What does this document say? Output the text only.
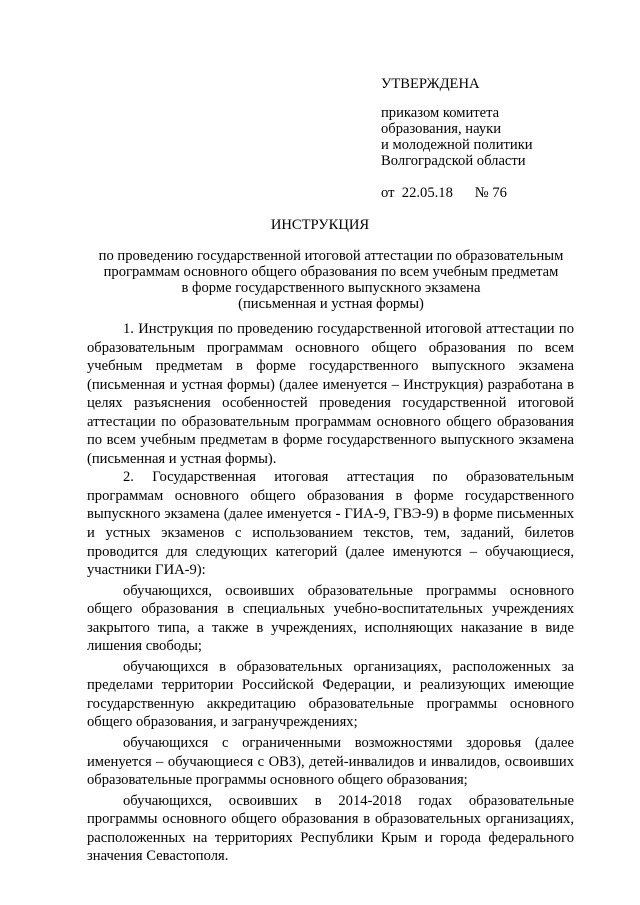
УТВЕРЖДЕНА
приказом комитета
образования, науки
и молодежной политики
Волгоградской области
от 22.05.18 № 76
ИНСТРУКЦИЯ
по проведению государственной итоговой аттестации по образовательным
программам основного общего образования по всем учебным предметам
в форме государственного выпускного экзамена
(письменная и устная формы)

1. Инструкция по проведению государственной итоговой аттестации по образовательным программам основного общего образования по всем учебным предметам в форме государственного выпускного экзамена (письменная и устная формы) (далее именуется – Инструкция) разработана в целях разъяснения особенностей проведения государственной итоговой аттестации по образовательным программам основного общего образования по всем учебным предметам в форме государственного выпускного экзамена (письменная и устная формы).

2. Государственная итоговая аттестация по образовательным программам основного общего образования в форме государственного выпускного экзамена (далее именуется - ГИА-9, ГВЭ-9) в форме письменных и устных экзаменов с использованием текстов, тем, заданий, билетов проводится для следующих категорий (далее именуются – обучающиеся, участники ГИА-9):

обучающихся, освоивших образовательные программы основного общего образования в специальных учебно-воспитательных учреждениях закрытого типа, а также в учреждениях, исполняющих наказание в виде лишения свободы;

обучающихся в образовательных организациях, расположенных за пределами территории Российской Федерации, и реализующих имеющие государственную аккредитацию образовательные программы основного общего образования, и загранучреждениях;

обучающихся с ограниченными возможностями здоровья (далее именуется – обучающиеся с ОВЗ), детей-инвалидов и инвалидов, освоивших образовательные программы основного общего образования;

обучающихся, освоивших в 2014-2018 годах образовательные программы основного общего образования в образовательных организациях, расположенных на территориях Республики Крым и города федерального значения Севастополя.
